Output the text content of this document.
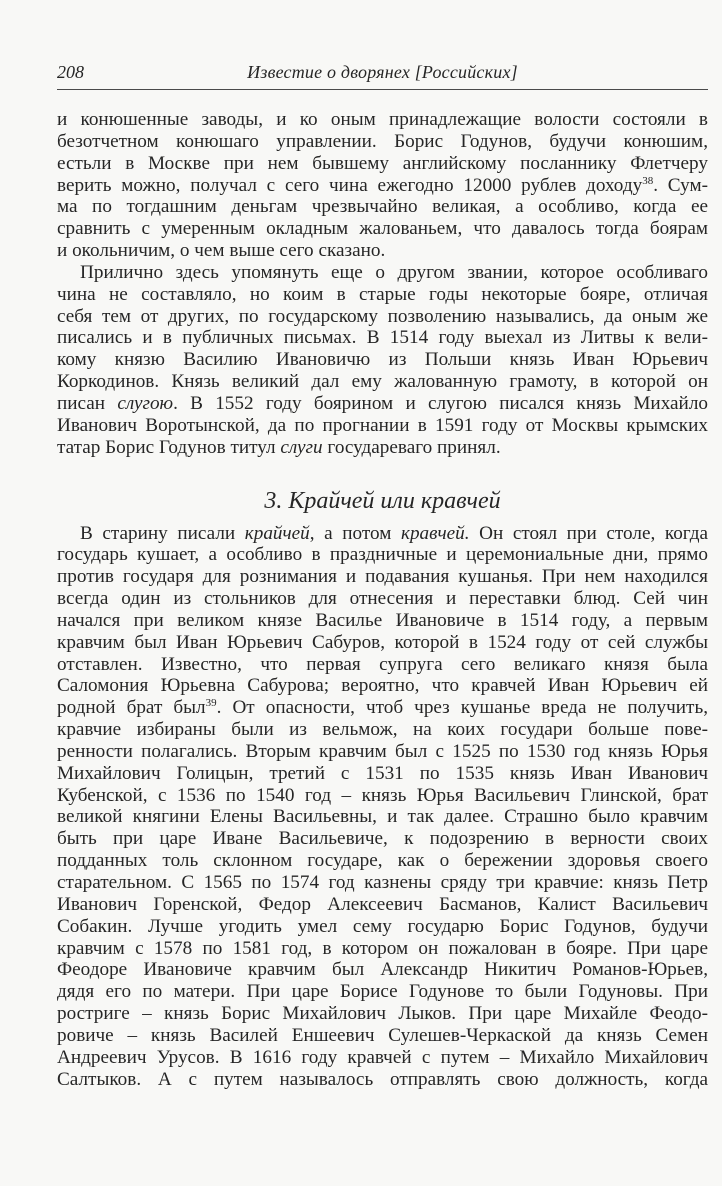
208	Известие о дворянех [Российских]
и конюшенные заводы, и ко оным принадлежащие волости состояли в
безотчетном конюшаго управлении. Борис Годунов, будучи конюшим,
естьли в Москве при нем бывшему английскому посланнику Флетчеру
верить можно, получал с сего чина ежегодно 12000 рублев доходу$^{38}$. Сум-
ма по тогдашним деньгам чрезвычайно великая, а особливо, когда ее
сравнить с умеренным окладным жалованьем, что давалось тогда боярам
и окольничим, о чем выше сего сказано.
Прилично здесь упомянуть еще о другом звании, которое особливаго
чина не составляло, но коим в старые годы некоторые бояре, отличая
себя тем от других, по государскому позволению назывались, да оным же
писались и в публичных письмах. В 1514 году выехал из Литвы к вели-
кому князю Василию Ивановичю из Польши князь Иван Юрьевич
Коркодинов. Князь великий дал ему жалованную грамоту, в которой он
писан слугою. В 1552 году боярином и слугою писался князь Михайло
Иванович Воротынской, да по прогнании в 1591 году от Москвы крымских
татар Борис Годунов титул слуги государеваго принял.
3. Крайчей или кравчей
В старину писали крайчей, а потом кравчей. Он стоял при столе, когда
государь кушает, а особливо в праздничные и церемониальные дни, прямо
против государя для рознимания и подавания кушанья. При нем находился
всегда один из стольников для отнесения и переставки блюд. Сей чин
начался при великом князе Василье Ивановиче в 1514 году, а первым
кравчим был Иван Юрьевич Сабуров, которой в 1524 году от сей службы
отставлен. Известно, что первая супруга сего великаго князя была
Саломония Юрьевна Сабурова; вероятно, что кравчей Иван Юрьевич ей
родной брат был$^{39}$. От опасности, чтоб чрез кушанье вреда не получить,
кравчие избираны были из вельмож, на коих государи больше пове-
ренности полагались. Вторым кравчим был с 1525 по 1530 год князь Юрья
Михайлович Голицын, третий с 1531 по 1535 князь Иван Иванович
Кубенской, с 1536 по 1540 год – князь Юрья Васильевич Глинской, брат
великой княгини Елены Васильевны, и так далее. Страшно было кравчим
быть при царе Иване Васильевиче, к подозрению в верности своих
подданных толь склонном государе, как о бережении здоровья своего
старательном. С 1565 по 1574 год казнены сряду три кравчие: князь Петр
Иванович Горенской, Федор Алексеевич Басманов, Калист Васильевич
Собакин. Лучше угодить умел сему государю Борис Годунов, будучи
кравчим с 1578 по 1581 год, в котором он пожалован в бояре. При царе
Феодоре Ивановиче кравчим был Александр Никитич Романов-Юрьев,
дядя его по матери. При царе Борисе Годунове то были Годуновы. При
ростриге – князь Борис Михайлович Лыков. При царе Михайле Феодо-
ровиче – князь Василей Еншеевич Сулешев-Черкаской да князь Семен
Андреевич Урусов. В 1616 году кравчей с путем – Михайло Михайлович
Салтыков. А с путем называлось отправлять свою должность, когда
